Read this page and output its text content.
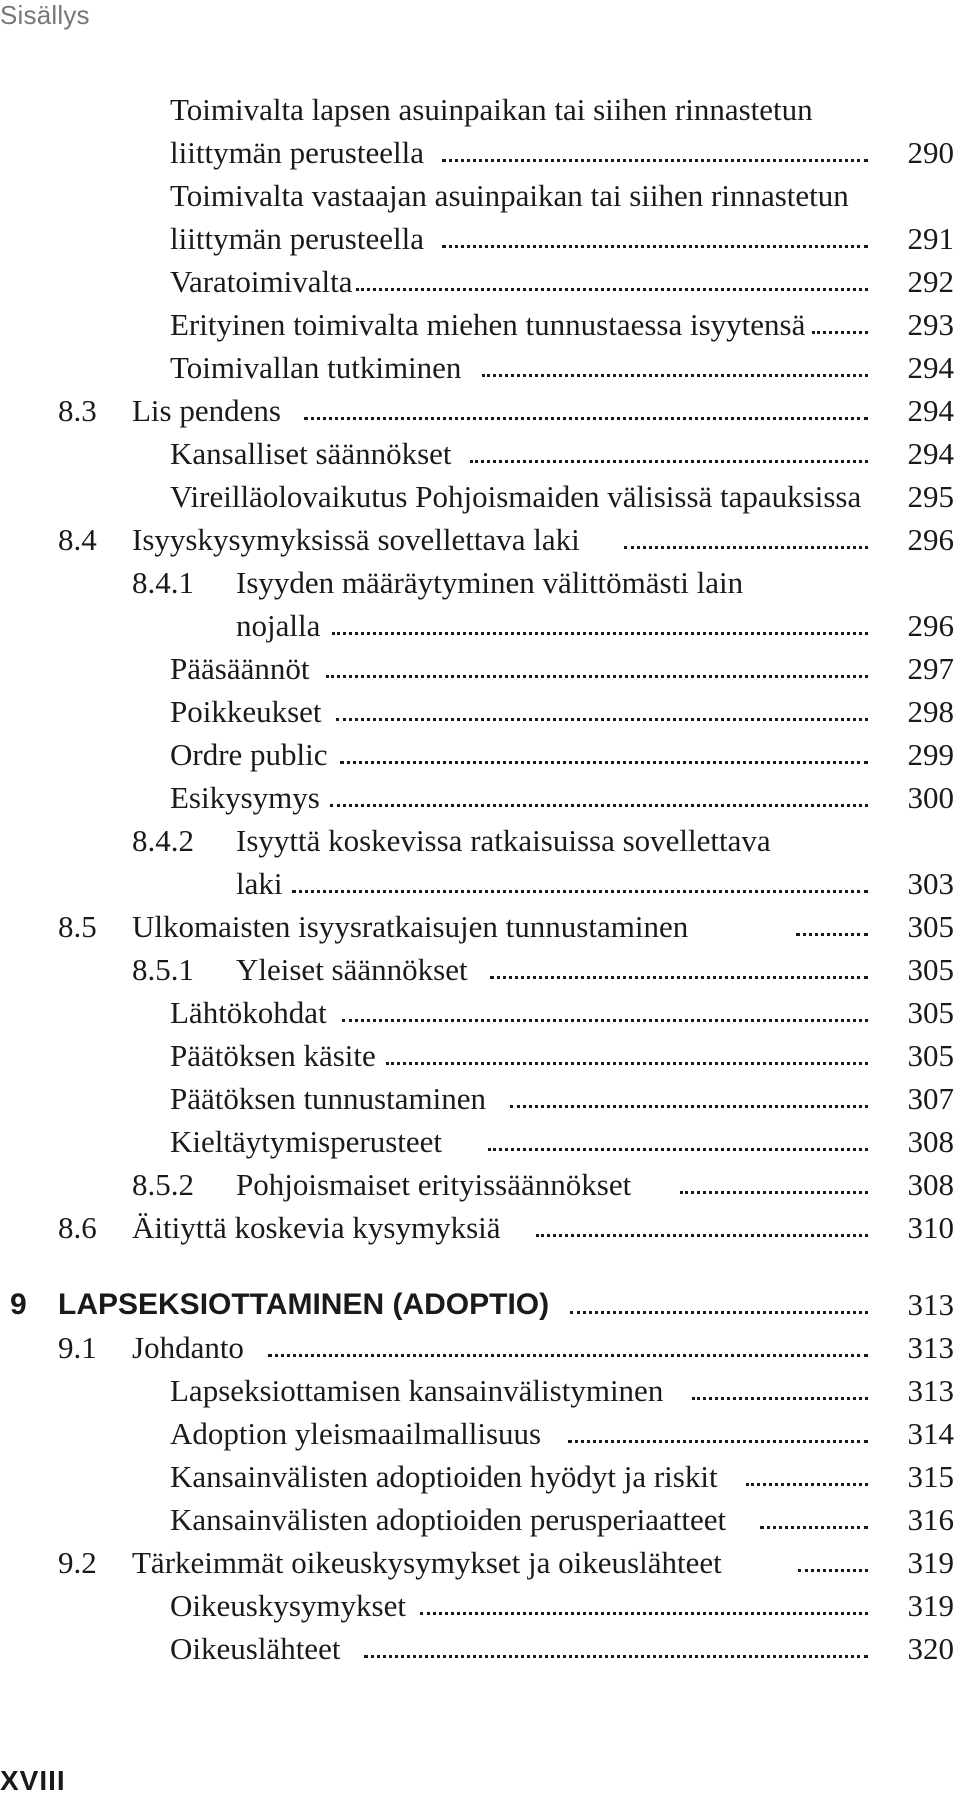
Sisällys
Toimivalta lapsen asuinpaikan tai siihen rinnastetun
liittymän perusteella	290
Toimivalta vastaajan asuinpaikan tai siihen rinnastetun
liittymän perusteella	291
Varatoimivalta	292
Erityinen toimivalta miehen tunnustaessa isyytensä	293
Toimivallan tutkiminen	294
8.3 Lis pendens	294
Kansalliset säännökset	294
Vireilläolovaikutus Pohjoismaiden välisissä tapauksissa	295
8.4 Isyyskysymyksissä sovellettava laki	296
8.4.1 Isyyden määräytyminen välittömästi lain
nojalla	296
Pääsäännöt	297
Poikkeukset	298
Ordre public	299
Esikysymys	300
8.4.2 Isyyttä koskevissa ratkaisuissa sovellettava
laki	303
8.5 Ulkomaisten isyysratkaisujen tunnustaminen	305
8.5.1 Yleiset säännökset	305
Lähtökohdat	305
Päätöksen käsite	305
Päätöksen tunnustaminen	307
Kieltäytymisperusteet	308
8.5.2 Pohjoismaiset erityissäännökset	308
8.6 Äitiyttä koskevia kysymyksiä	310
9 LAPSEKSIOTTAMINEN (ADOPTIO)	313
9.1 Johdanto	313
Lapseksiottamisen kansainvälistyminen	313
Adoption yleismaailmallisuus	314
Kansainvälisten adoptioiden hyödyt ja riskit	315
Kansainvälisten adoptioiden perusperiaatteet	316
9.2 Tärkeimmät oikeuskysymykset ja oikeuslähteet	319
Oikeuskysymykset	319
Oikeuslähteet	320
XVIII
